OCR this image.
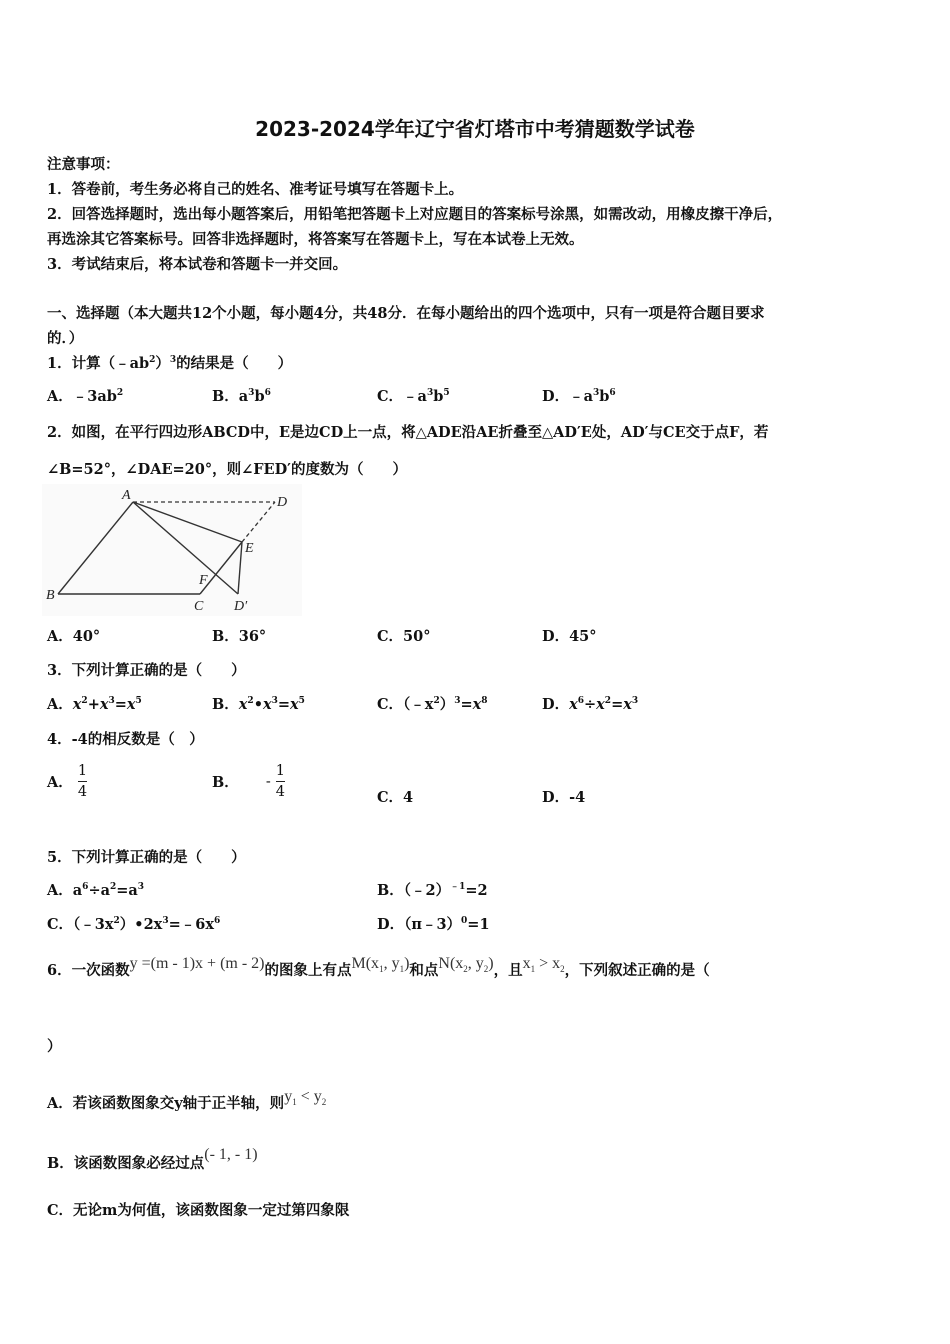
2023-2024学年辽宁省灯塔市中考猜题数学试卷
注意事项：
1．答卷前，考生务必将自己的姓名、准考证号填写在答题卡上。
2．回答选择题时，选出每小题答案后，用铅笔把答题卡上对应题目的答案标号涂黑，如需改动，用橡皮擦干净后，
再选涂其它答案标号。回答非选择题时，将答案写在答题卡上，写在本试卷上无效。
3．考试结束后，将本试卷和答题卡一并交回。
一、选择题（本大题共12个小题，每小题4分，共48分．在每小题给出的四个选项中，只有一项是符合题目要求
的．）
1．计算$(﹣ab^2)^3$的结果是（　　）
A．$﹣3ab^2$	B．$a^3b^6$	C．$﹣a^3b^5$	D．$﹣a^3b^6$
2．如图，在平行四边形ABCD中，E是边CD上一点，将△ADE沿AE折叠至△AD′E处，AD′与CE交于点F，若
∠B=52°，∠DAE=20°，则∠FED′的度数为（　　）
A	D
E
F
B
C D′
A．40°	B．36°	C．50°	D．45°
3．下列计算正确的是（　　）
A．$x^2+x^3=x^5$	B．$x^2•x^3=x^5$	C．$(﹣x^2)^3=x^8$	D．$x^6\div x^2=x^3$
4．-4的相反数是（　）
A． $\frac{1}{4}$	B． - $\frac{1}{4}$	C．4	D．-4
5．下列计算正确的是（　　）
A．$a^6\div a^2=a^3$	B．（﹣2）$^{﹣1}$=2
C．$(﹣3x^2)•2x^3=﹣6x^6$	D．（π﹣3）$^0$=1
6．一次函数y =(m - 1)x + (m - 2)的图象上有点$M(x_1$, $y_1$)和点$N(x_2$, $y_2$)，且$x_1 > x_2$，下列叙述正确的是（
）
A．若该函数图象交y轴于正半轴，则$y_1 < y_2$
B．该函数图象必经过点(- 1, - 1)
C．无论m为何值，该函数图象一定过第四象限
